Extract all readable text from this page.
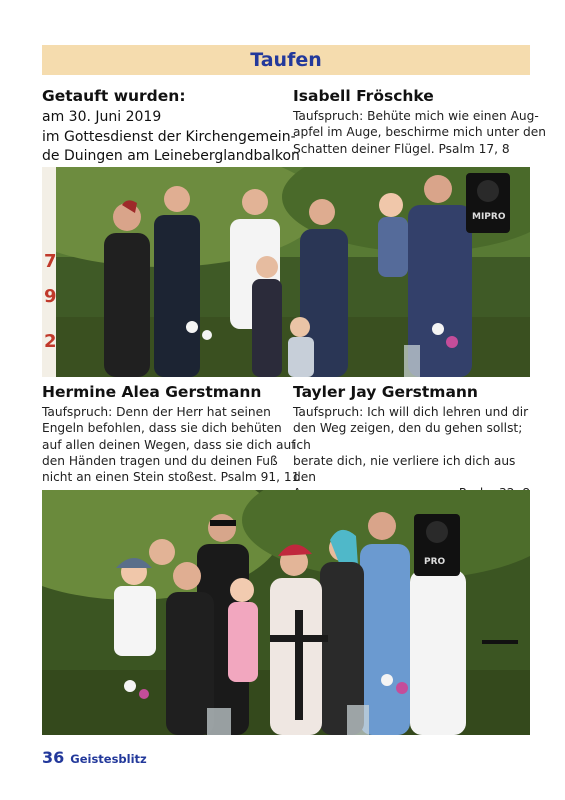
Taufen
Getauft wurden:
am 30. Juni 2019
im Gottesdienst der Kirchengemein-
de Duingen am Leineberglandbalkon
Isabell Fröschke
Taufspruch: Behüte mich wie einen Aug-
apfel im Auge, beschirme mich unter den
Schatten deiner Flügel. Psalm 17, 8
7
9
2
MIPRO
Hermine Alea Gerstmann
Taufspruch: Denn der Herr hat seinen
Engeln befohlen, dass sie dich behüten
auf allen deinen Wegen, dass sie dich auf
den Händen tragen und du deinen Fuß
nicht an einen Stein stoßest. Psalm 91, 11
Tayler Jay Gerstmann
Taufspruch: Ich will dich lehren und dir
den Weg zeigen, den du gehen sollst; ich
berate dich, nie verliere ich dich aus den
PRO
36 Geistesblitz
